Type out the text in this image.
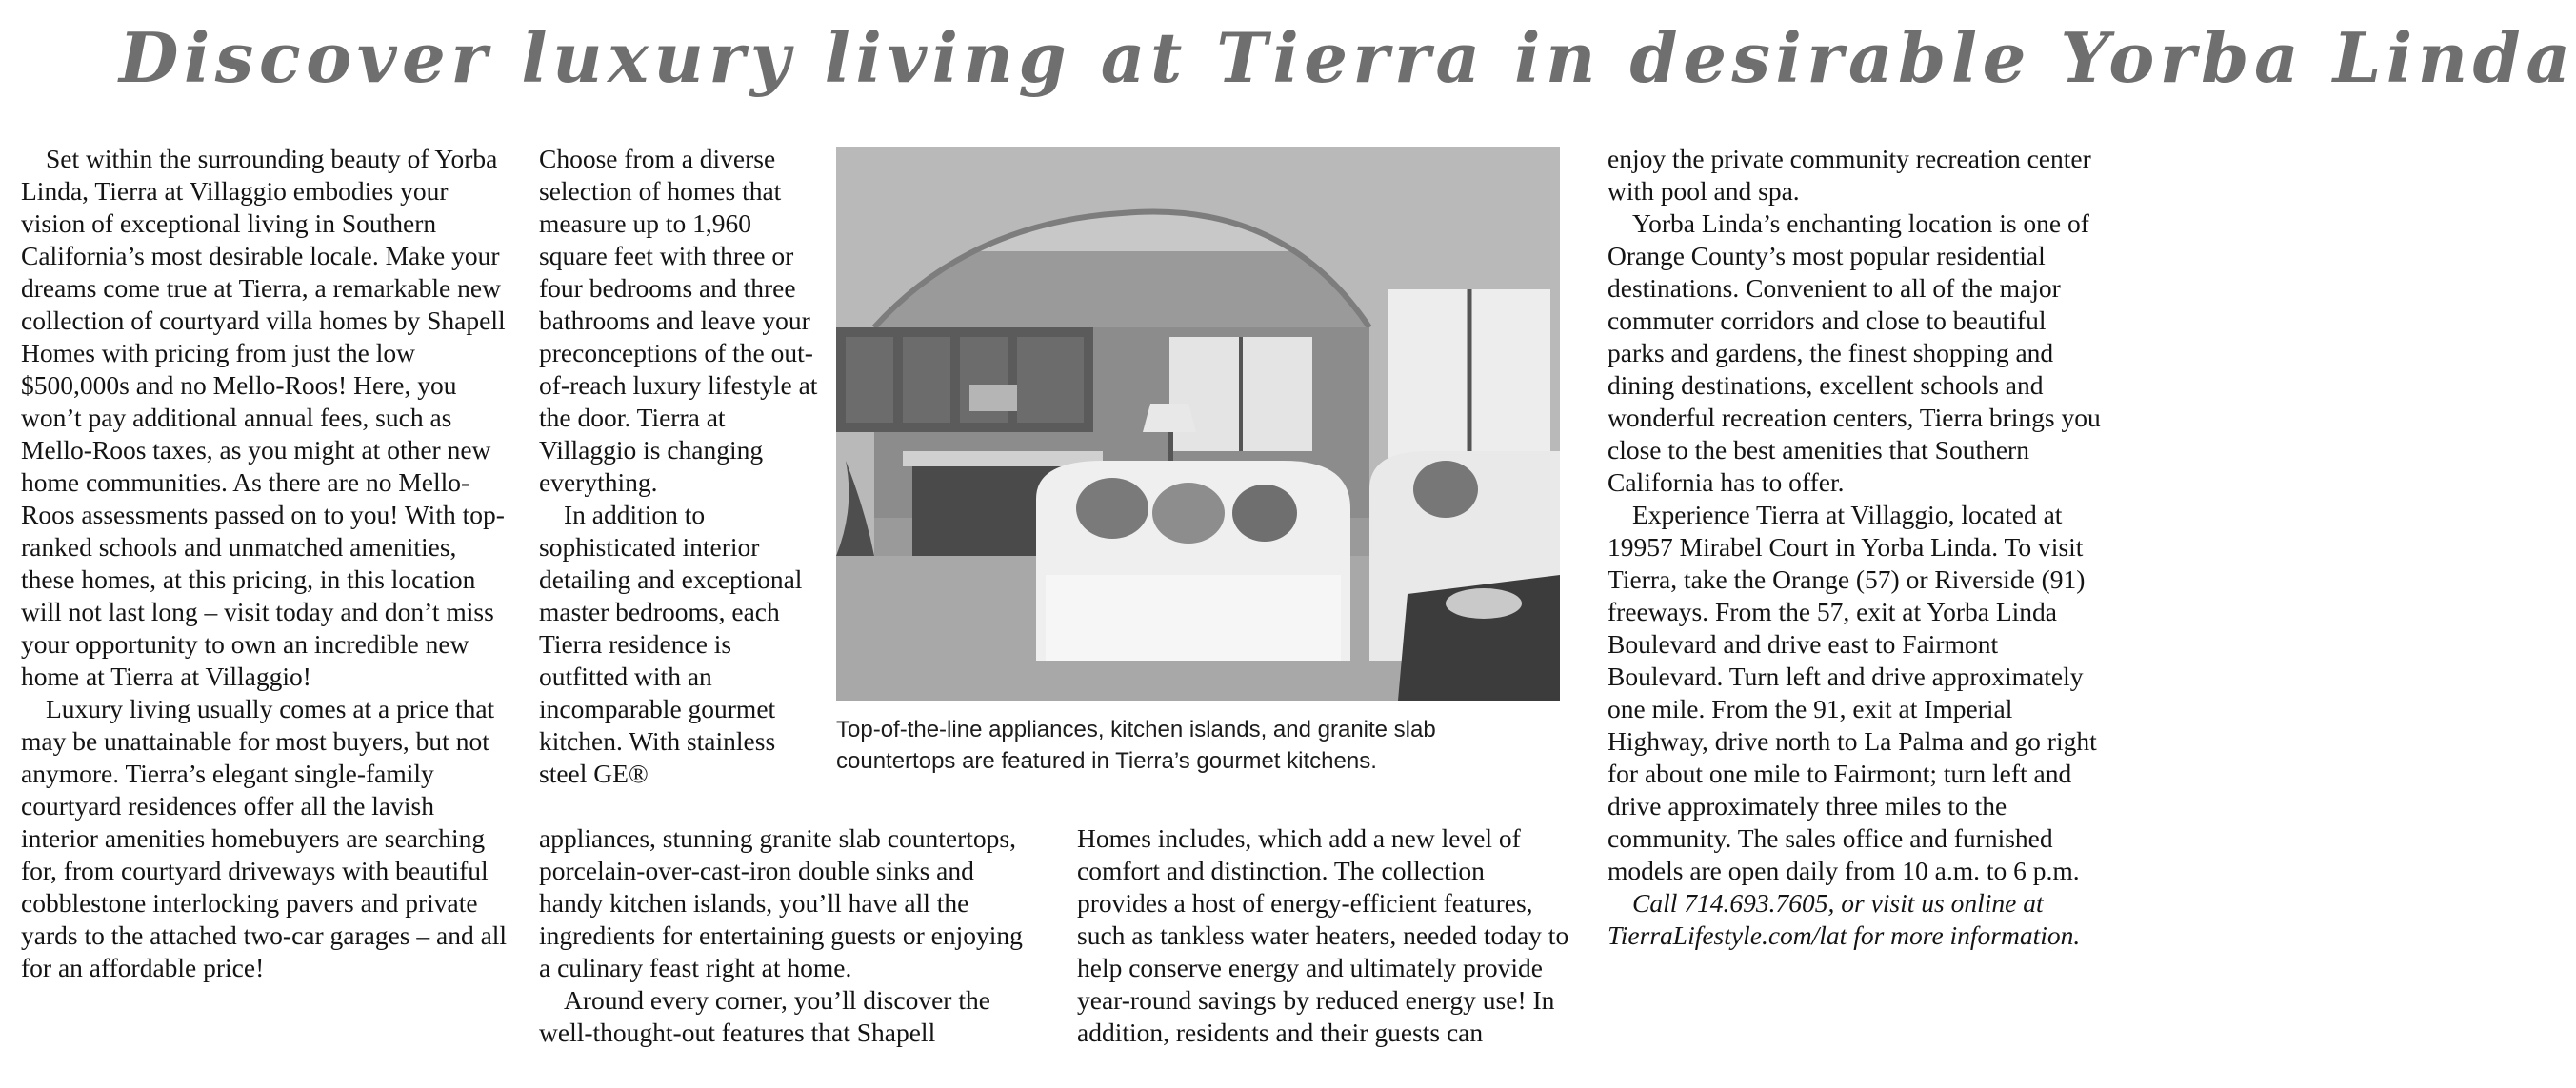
Discover luxury living at Tierra in desirable Yorba Linda

Set within the surrounding beauty of Yorba Linda, Tierra at Villaggio embodies your vision of exceptional living in Southern California’s most desirable locale. Make your dreams come true at Tierra, a remarkable new collection of courtyard villa homes by Shapell Homes with pricing from just the low $500,000s and no Mello-Roos! Here, you won’t pay additional annual fees, such as Mello-Roos taxes, as you might at other new home communities. As there are no Mello-Roos assessments passed on to you! With top-ranked schools and unmatched amenities, these homes, at this pricing, in this location will not last long – visit today and don’t miss your opportunity to own an incredible new home at Tierra at Villaggio!

Luxury living usually comes at a price that may be unattainable for most buyers, but not anymore. Tierra’s elegant single-family courtyard residences offer all the lavish interior amenities homebuyers are searching for, from courtyard driveways with beautiful cobblestone interlocking pavers and private yards to the attached two-car garages – and all for an affordable price!

Choose from a diverse selection of homes that measure up to 1,960 square feet with three or four bedrooms and three bathrooms and leave your preconceptions of the out-of-reach luxury lifestyle at the door. Tierra at Villaggio is changing everything.

In addition to sophisticated interior detailing and exceptional master bedrooms, each Tierra residence is outfitted with an incomparable gourmet kitchen. With stainless steel GE®

Top-of-the-line appliances, kitchen islands, and granite slab countertops are featured in Tierra’s gourmet kitchens.

appliances, stunning granite slab countertops, porcelain-over-cast-iron double sinks and handy kitchen islands, you’ll have all the ingredients for entertaining guests or enjoying a culinary feast right at home.

Around every corner, you’ll discover the well-thought-out features that Shapell

Homes includes, which add a new level of comfort and distinction. The collection provides a host of energy-efficient features, such as tankless water heaters, needed today to help conserve energy and ultimately provide year-round savings by reduced energy use! In addition, residents and their guests can

enjoy the private community recreation center with pool and spa.

Yorba Linda’s enchanting location is one of Orange County’s most popular residential destinations. Convenient to all of the major commuter corridors and close to beautiful parks and gardens, the finest shopping and dining destinations, excellent schools and wonderful recreation centers, Tierra brings you close to the best amenities that Southern California has to offer.

Experience Tierra at Villaggio, located at 19957 Mirabel Court in Yorba Linda. To visit Tierra, take the Orange (57) or Riverside (91) freeways. From the 57, exit at Yorba Linda Boulevard and drive east to Fairmont Boulevard. Turn left and drive approximately one mile. From the 91, exit at Imperial Highway, drive north to La Palma and go right for about one mile to Fairmont; turn left and drive approximately three miles to the community. The sales office and furnished models are open daily from 10 a.m. to 6 p.m.

Call 714.693.7605, or visit us online at TierraLifestyle.com/lat for more information.
